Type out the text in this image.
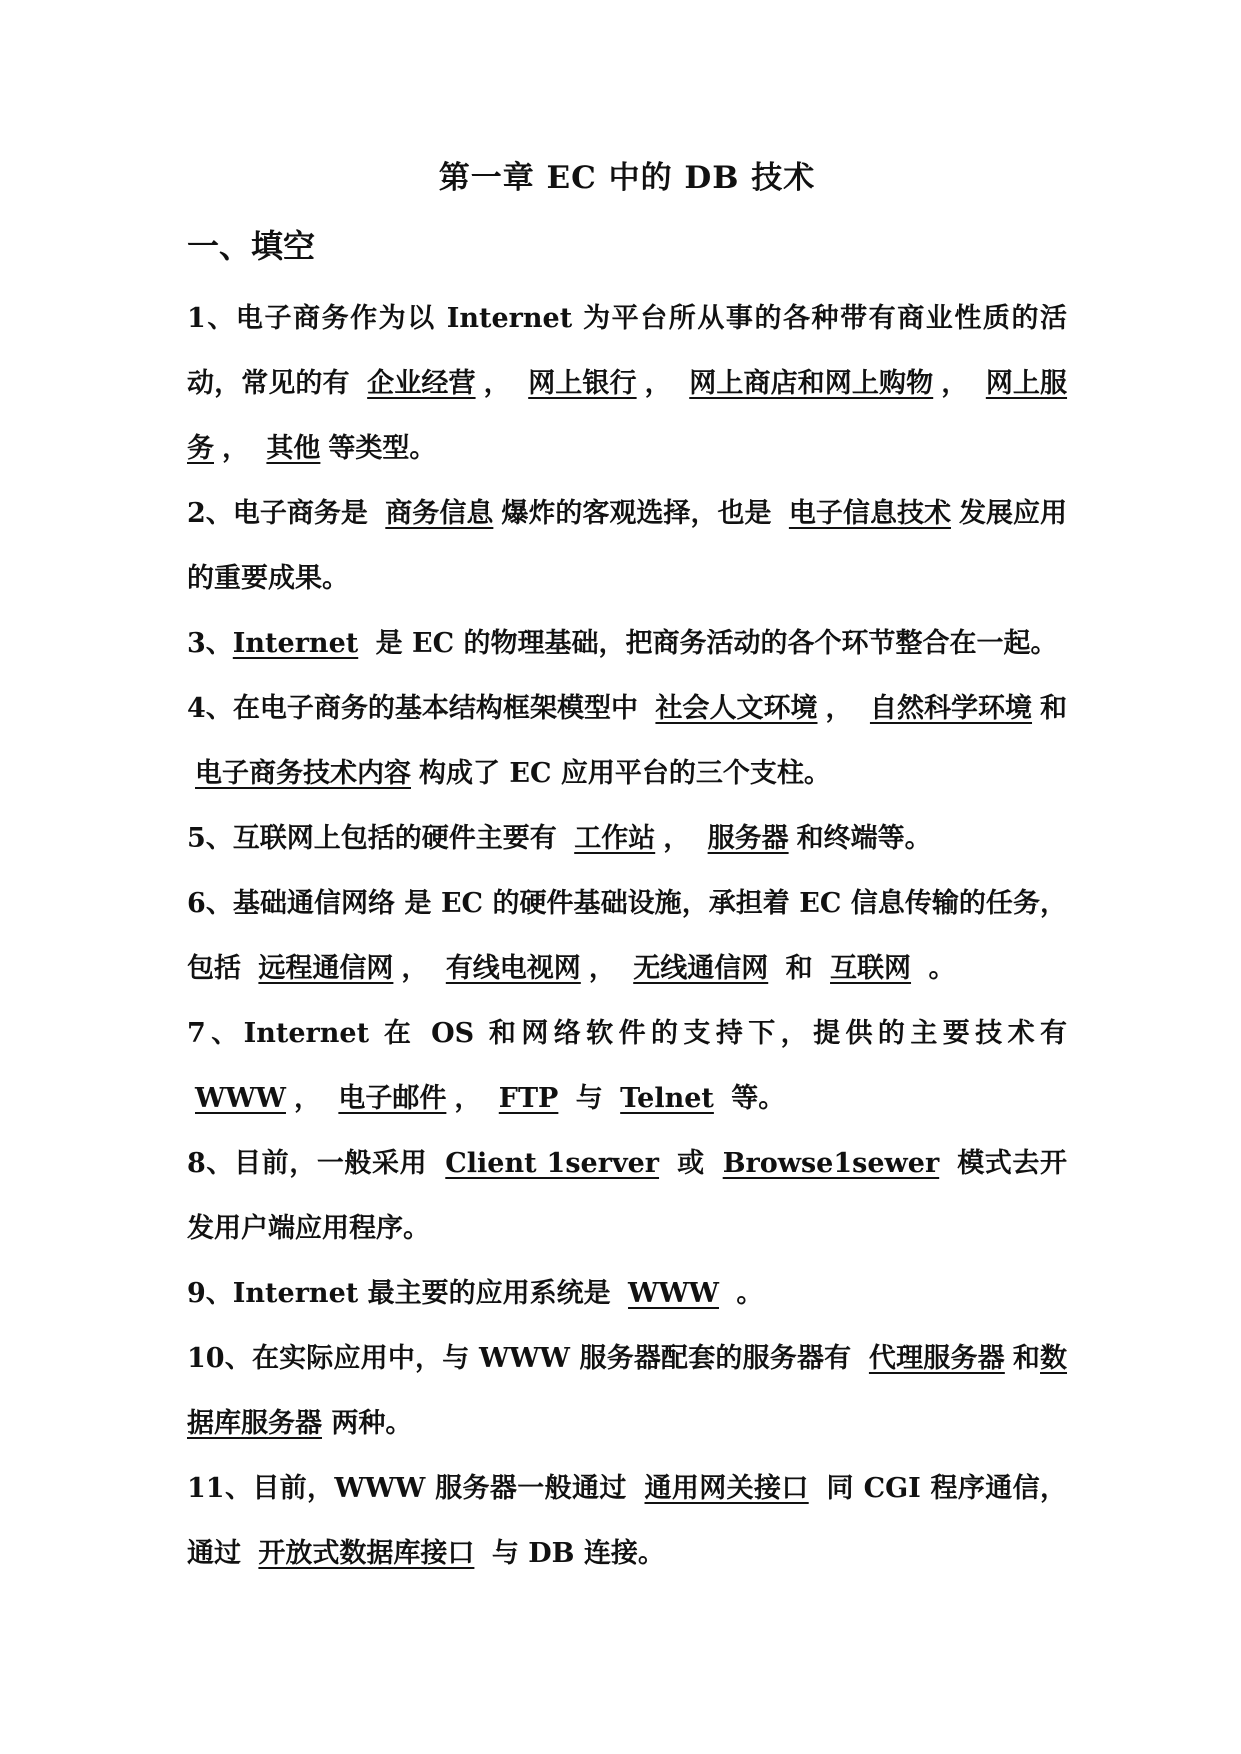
第一章 EC 中的 DB 技术
一、填空

1、电子商务作为以 Internet 为平台所从事的各种带有商业性质的活动，常见的有 企业经营 ， 网上银行 ， 网上商店和网上购物 ， 网上服务 ， 其他 等类型。

2、电子商务是 商务信息 爆炸的客观选择，也是 电子信息技术 发展应用的重要成果。

3、Internet 是 EC 的物理基础，把商务活动的各个环节整合在一起。

4、在电子商务的基本结构框架模型中 社会人文环境 ， 自然科学环境 和 电子商务技术内容 构成了 EC 应用平台的三个支柱。

5、互联网上包括的硬件主要有 工作站 ， 服务器 和终端等。

6、基础通信网络 是 EC 的硬件基础设施，承担着 EC 信息传输的任务，包括 远程通信网 ， 有线电视网 ， 无线通信网 和 互联网 。

7、Internet 在 OS 和网络软件的支持下，提供的主要技术有 WWW ， 电子邮件 ， FTP 与 Telnet 等。

8、目前，一般采用 Client 1server 或 Browse1sewer 模式去开发用户端应用程序。

9、Internet 最主要的应用系统是 WWW 。

10、在实际应用中，与 WWW 服务器配套的服务器有 代理服务器 和数据库服务器 两种。

11、目前，WWW 服务器一般通过 通用网关接口 同 CGI 程序通信，通过 开放式数据库接口 与 DB 连接。
